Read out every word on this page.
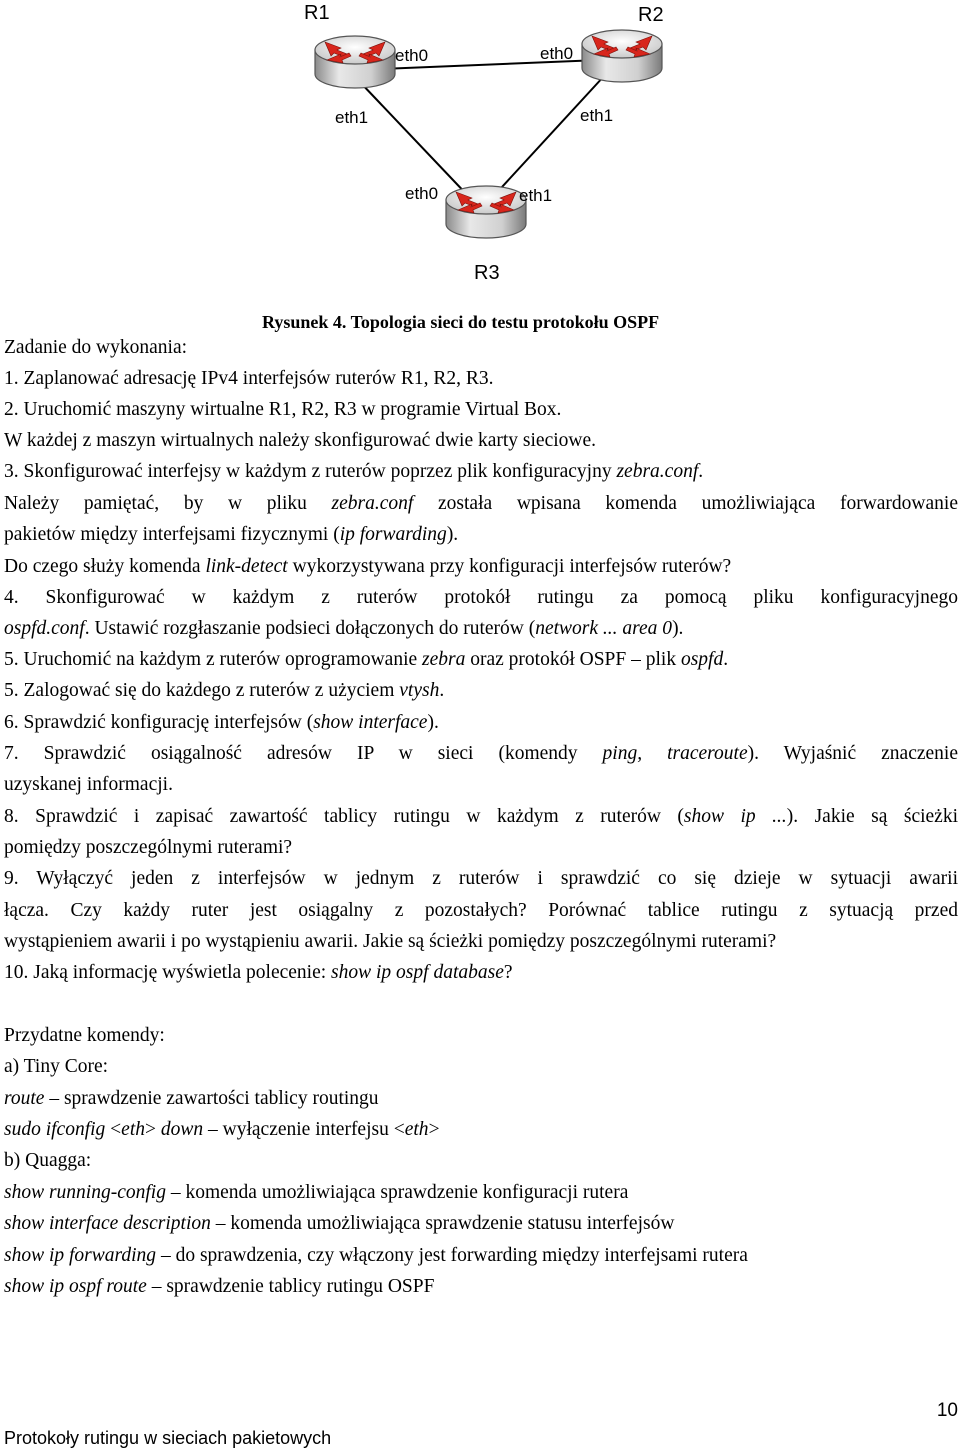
R1	R2
R3
eth0
eth1
eth0
eth1
eth0	eth1
Rysunek 4. Topologia sieci do testu protokołu OSPF
Zadanie do wykonania:
1. Zaplanować adresację IPv4 interfejsów ruterów R1, R2, R3.
2. Uruchomić maszyny wirtualne R1, R2, R3 w programie Virtual Box.
W każdej z maszyn wirtualnych należy skonfigurować dwie karty sieciowe.
3. Skonfigurować interfejsy w każdym z ruterów poprzez plik konfiguracyjny zebra.conf.
Należy pamiętać, by w pliku zebra.conf została wpisana komenda umożliwiająca forwardowanie
pakietów między interfejsami fizycznymi (ip forwarding).
Do czego służy komenda link-detect wykorzystywana przy konfiguracji interfejsów ruterów?
4. Skonfigurować w każdym z ruterów protokół rutingu za pomocą pliku konfiguracyjnego
ospfd.conf. Ustawić rozgłaszanie podsieci dołączonych do ruterów (network ... area 0).
5. Uruchomić na każdym z ruterów oprogramowanie zebra oraz protokół OSPF – plik ospfd.
5. Zalogować się do każdego z ruterów z użyciem vtysh.
6. Sprawdzić konfigurację interfejsów (show interface).
7. Sprawdzić osiągalność adresów IP w sieci (komendy ping, traceroute). Wyjaśnić znaczenie
uzyskanej informacji.
8. Sprawdzić i zapisać zawartość tablicy rutingu w każdym z ruterów (show ip ...). Jakie są ścieżki
pomiędzy poszczególnymi ruterami?
9. Wyłączyć jeden z interfejsów w jednym z ruterów i sprawdzić co się dzieje w sytuacji awarii
łącza. Czy każdy ruter jest osiągalny z pozostałych? Porównać tablice rutingu z sytuacją przed
wystąpieniem awarii i po wystąpieniu awarii. Jakie są ścieżki pomiędzy poszczególnymi ruterami?
10. Jaką informację wyświetla polecenie: show ip ospf database?
Przydatne komendy:
a) Tiny Core:
route – sprawdzenie zawartości tablicy routingu
sudo ifconfig <eth> down – wyłączenie interfejsu <eth>
b) Quagga:
show running-config – komenda umożliwiająca sprawdzenie konfiguracji rutera
show interface description – komenda umożliwiająca sprawdzenie statusu interfejsów
show ip forwarding – do sprawdzenia, czy włączony jest forwarding między interfejsami rutera
show ip ospf route – sprawdzenie tablicy rutingu OSPF
10
Protokoły rutingu w sieciach pakietowych
